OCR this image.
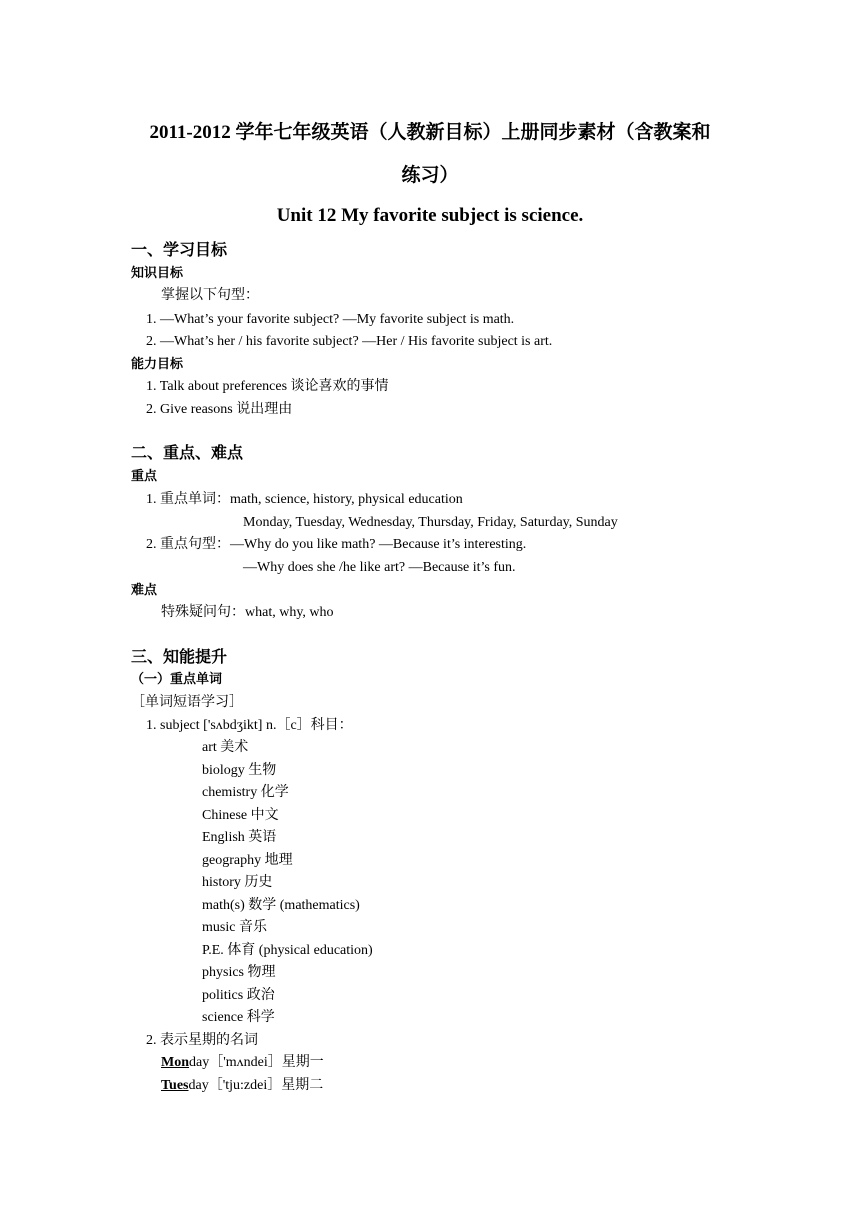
2011-2012 学年七年级英语（人教新目标）上册同步素材（含教案和
练习）
Unit 12 My favorite subject is science.
一、学习目标
知识目标
掌握以下句型：
1. —What’s your favorite subject? —My favorite subject is math.
2. —What’s her / his favorite subject? —Her / His favorite subject is art.
能力目标
1. Talk about preferences 谈论喜欢的事情
2. Give reasons 说出理由
二、重点、难点
重点
1. 重点单词：math, science, history, physical education
Monday, Tuesday, Wednesday, Thursday, Friday, Saturday, Sunday
2. 重点句型：—Why do you like math? —Because it’s interesting.
—Why does she /he like art? —Because it’s fun.
难点
特殊疑问句：what, why, who
三、知能提升
（一）重点单词
［单词短语学习］
1. subject ['sʌbdʒikt] n.［c］科目：
art 美术
biology 生物
chemistry 化学
Chinese 中文
English 英语
geography 地理
history 历史
math(s) 数学 (mathematics)
music 音乐
P.E. 体育 (physical education)
physics 物理
politics 政治
science 科学
2. 表示星期的名词
Monday［'mʌndei］星期一
Tuesday［'tju:zdei］星期二
